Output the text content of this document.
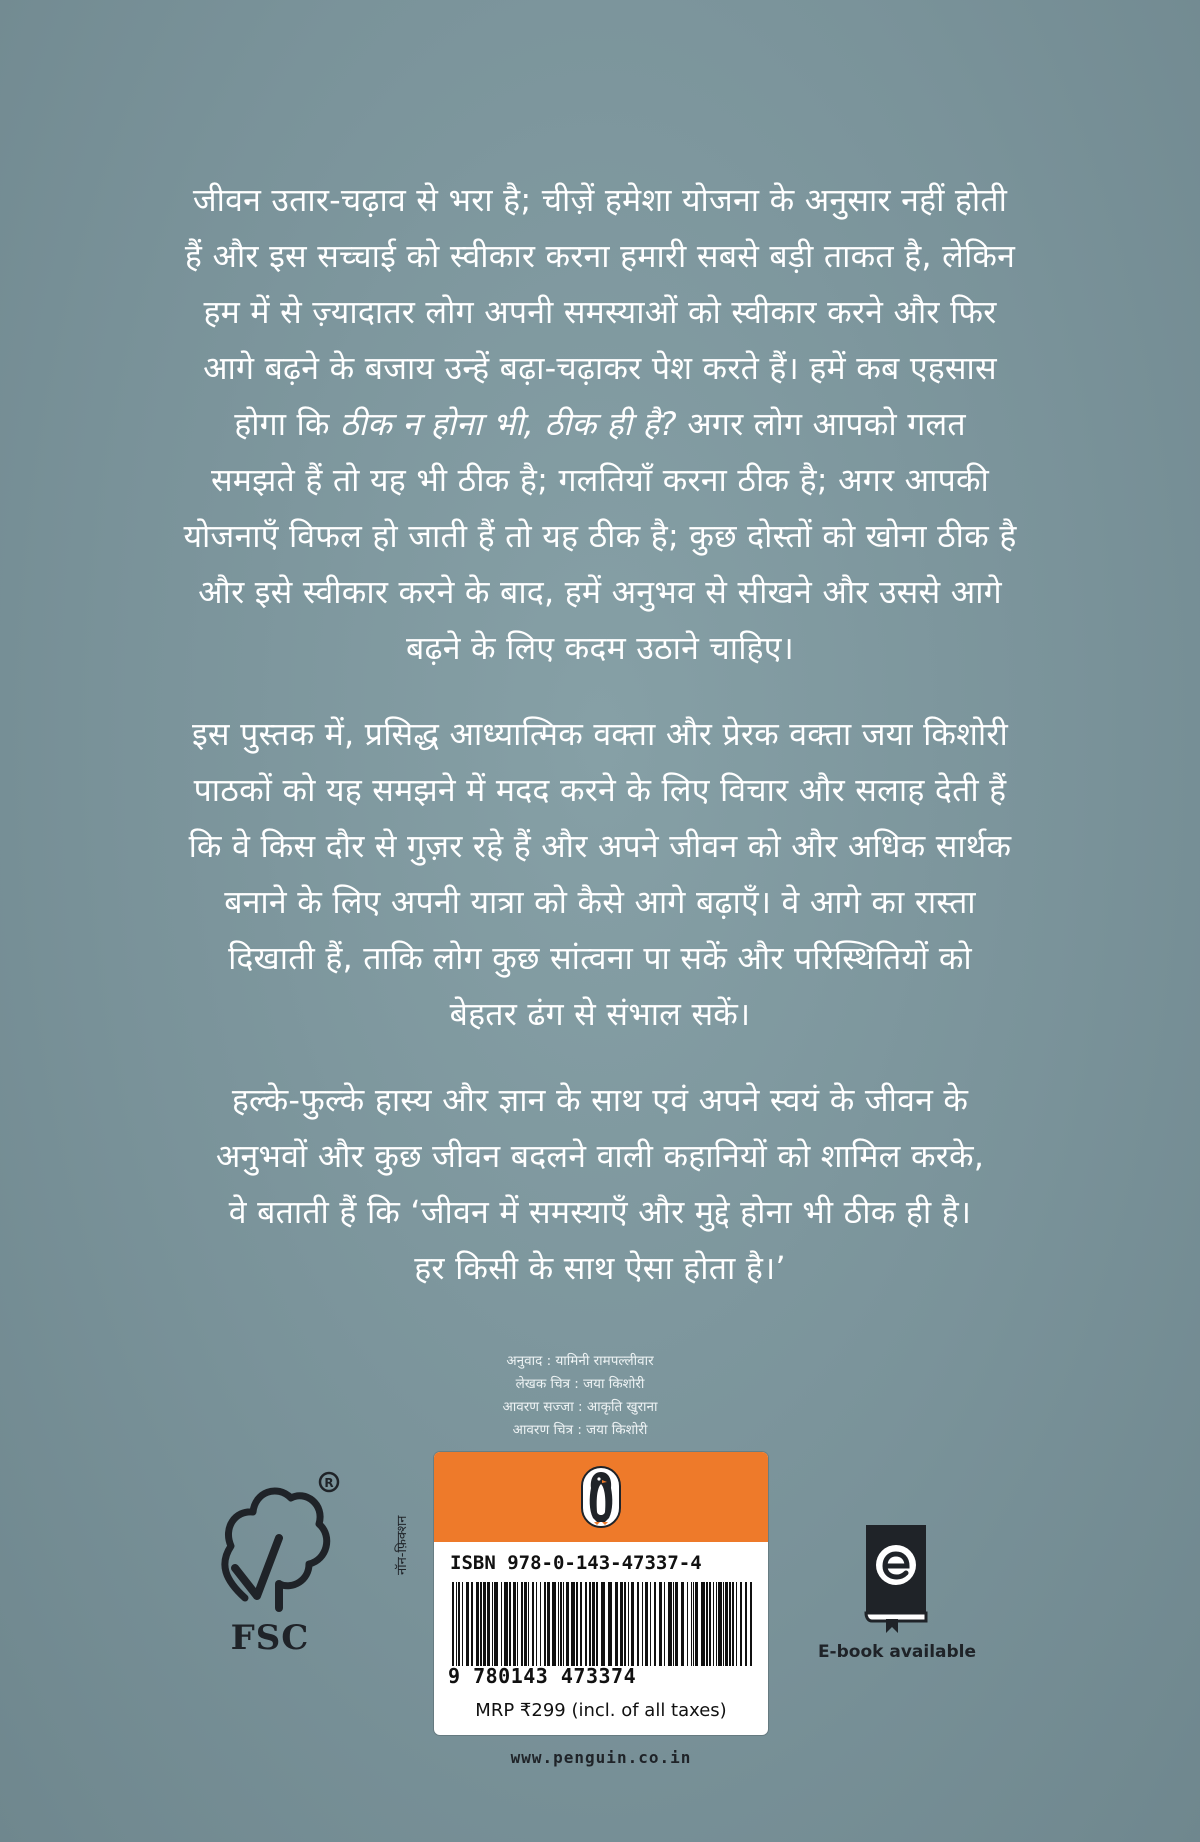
जीवन उतार-चढ़ाव से भरा है; चीज़ें हमेशा योजना के अनुसार नहीं होती
हैं और इस सच्चाई को स्वीकार करना हमारी सबसे बड़ी ताकत है, लेकिन
हम में से ज़्यादातर लोग अपनी समस्याओं को स्वीकार करने और फिर
आगे बढ़ने के बजाय उन्हें बढ़ा-चढ़ाकर पेश करते हैं। हमें कब एहसास
होगा कि ठीक न होना भी, ठीक ही है? अगर लोग आपको गलत
समझते हैं तो यह भी ठीक है; गलतियाँ करना ठीक है; अगर आपकी
योजनाएँ विफल हो जाती हैं तो यह ठीक है; कुछ दोस्तों को खोना ठीक है
और इसे स्वीकार करने के बाद, हमें अनुभव से सीखने और उससे आगे
बढ़ने के लिए कदम उठाने चाहिए।

इस पुस्तक में, प्रसिद्ध आध्यात्मिक वक्ता और प्रेरक वक्ता जया किशोरी
पाठकों को यह समझने में मदद करने के लिए विचार और सलाह देती हैं
कि वे किस दौर से गुज़र रहे हैं और अपने जीवन को और अधिक सार्थक
बनाने के लिए अपनी यात्रा को कैसे आगे बढ़ाएँ। वे आगे का रास्ता
दिखाती हैं, ताकि लोग कुछ सांत्वना पा सकें और परिस्थितियों को
बेहतर ढंग से संभाल सकें।

हल्के-फुल्के हास्य और ज्ञान के साथ एवं अपने स्वयं के जीवन के
अनुभवों और कुछ जीवन बदलने वाली कहानियों को शामिल करके,
वे बताती हैं कि ‘जीवन में समस्याएँ और मुद्दे होना भी ठीक ही है।
हर किसी के साथ ऐसा होता है।’

अनुवाद : यामिनी रामपल्लीवार
लेखक चित्र : जया किशोरी
आवरण सज्जा : आकृति खुराना
आवरण चित्र : जया किशोरी
R
FSC
नॉन-फ़िक्शन ISBN 978-0-143-47337-4
9 780143 473374
MRP ₹299 (incl. of all taxes)
www.penguin.co.in
E-book available
